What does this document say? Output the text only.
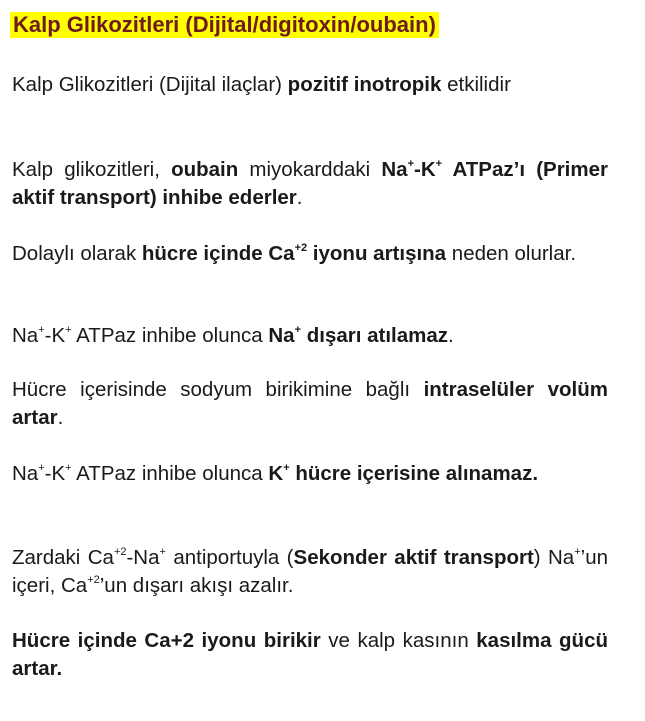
Kalp Glikozitleri (Dijital/digitoxin/oubain)

Kalp Glikozitleri (Dijital ilaçlar) pozitif inotropik etkilidir

Kalp glikozitleri, oubain miyokarddaki Na+-K+ ATPaz’ı (Primer aktif transport) inhibe ederler.

Dolaylı olarak hücre içinde $Ca^{+2}$ iyonu artışına neden olurlar.

Na+-K+ ATPaz inhibe olunca Na+ dışarı atılamaz.

Hücre içerisinde sodyum birikimine bağlı intraselüler volüm artar.

Na+-K+ ATPaz inhibe olunca K+ hücre içerisine alınamaz.

Zardaki $Ca^{+2}-Na^+$ antiportuyla (Sekonder aktif transport) Na+’un içeri, $Ca^{+2}’un$ dışarı akışı azalır.

Hücre içinde Ca+2 iyonu birikir ve kalp kasının kasılma gücü artar.
